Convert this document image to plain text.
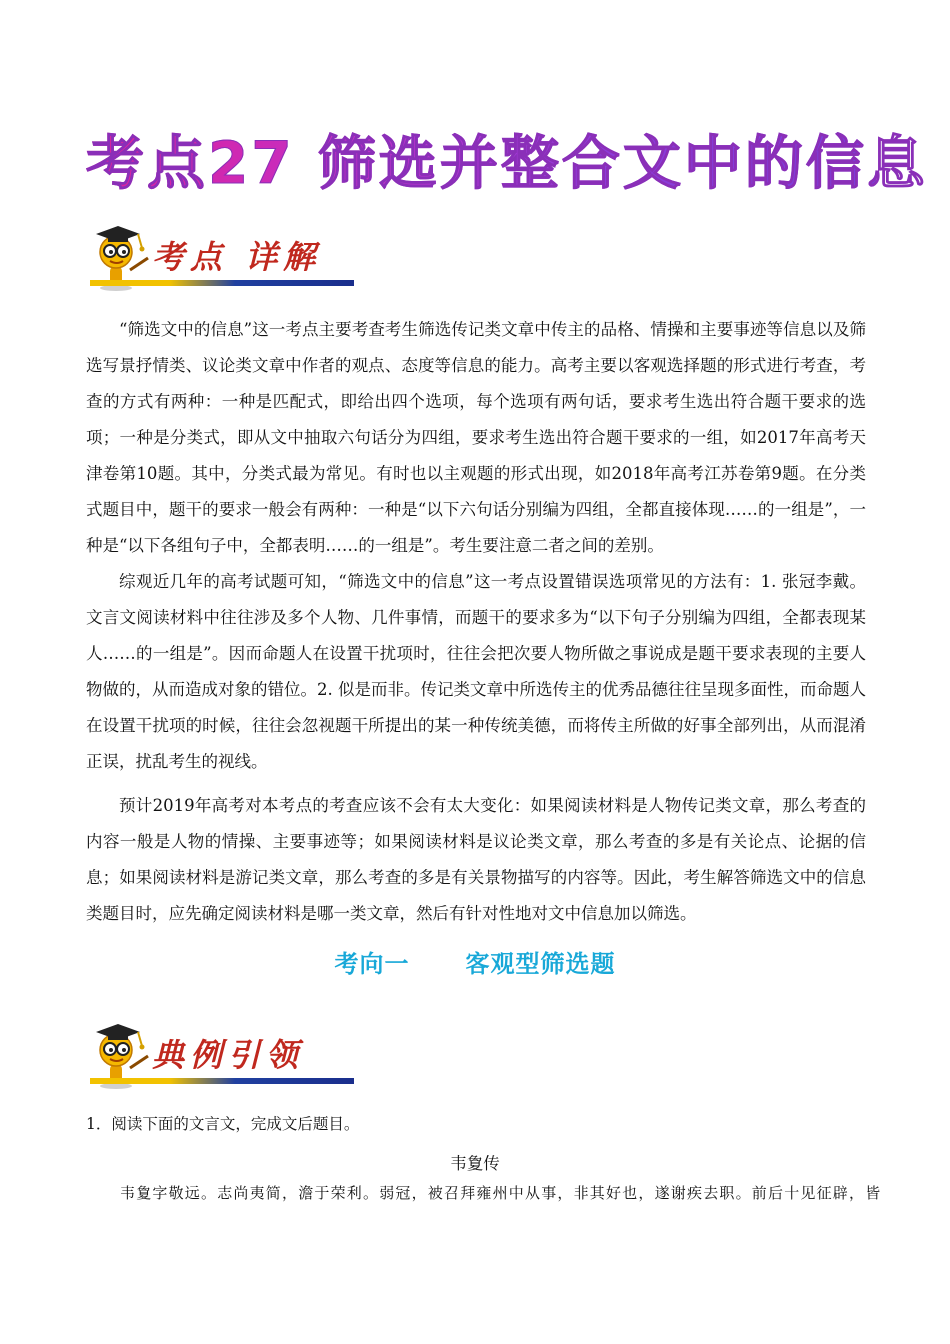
考点27 筛选并整合文中的信息
考点 详解

“筛选文中的信息”这一考点主要考查考生筛选传记类文章中传主的品格、情操和主要事迹等信息以及筛选写景抒情类、议论类文章中作者的观点、态度等信息的能力。高考主要以客观选择题的形式进行考查，考查的方式有两种：一种是匹配式，即给出四个选项，每个选项有两句话，要求考生选出符合题干要求的选项；一种是分类式，即从文中抽取六句话分为四组，要求考生选出符合题干要求的一组，如2017年高考天津卷第10题。其中，分类式最为常见。有时也以主观题的形式出现，如2018年高考江苏卷第9题。在分类式题目中，题干的要求一般会有两种：一种是“以下六句话分别编为四组，全都直接体现……的一组是”，一种是“以下各组句子中，全都表明……的一组是”。考生要注意二者之间的差别。

综观近几年的高考试题可知，“筛选文中的信息”这一考点设置错误选项常见的方法有：1. 张冠李戴。文言文阅读材料中往往涉及多个人物、几件事情，而题干的要求多为“以下句子分别编为四组，全都表现某人……的一组是”。因而命题人在设置干扰项时，往往会把次要人物所做之事说成是题干要求表现的主要人物做的，从而造成对象的错位。2. 似是而非。传记类文章中所选传主的优秀品德往往呈现多面性，而命题人在设置干扰项的时候，往往会忽视题干所提出的某一种传统美德，而将传主所做的好事全部列出，从而混淆正误，扰乱考生的视线。

预计2019年高考对本考点的考查应该不会有太大变化：如果阅读材料是人物传记类文章，那么考查的内容一般是人物的情操、主要事迹等；如果阅读材料是议论类文章，那么考查的多是有关论点、论据的信息；如果阅读材料是游记类文章，那么考查的多是有关景物描写的内容等。因此，考生解答筛选文中的信息类题目时，应先确定阅读材料是哪一类文章，然后有针对性地对文中信息加以筛选。

考向一 客观型筛选题
典例引领
1．阅读下面的文言文，完成文后题目。
韦夐传
韦夐字敬远。志尚夷简，澹于荣利。弱冠，被召拜雍州中从事，非其好也，遂谢疾去职。前后十见征辟，皆
